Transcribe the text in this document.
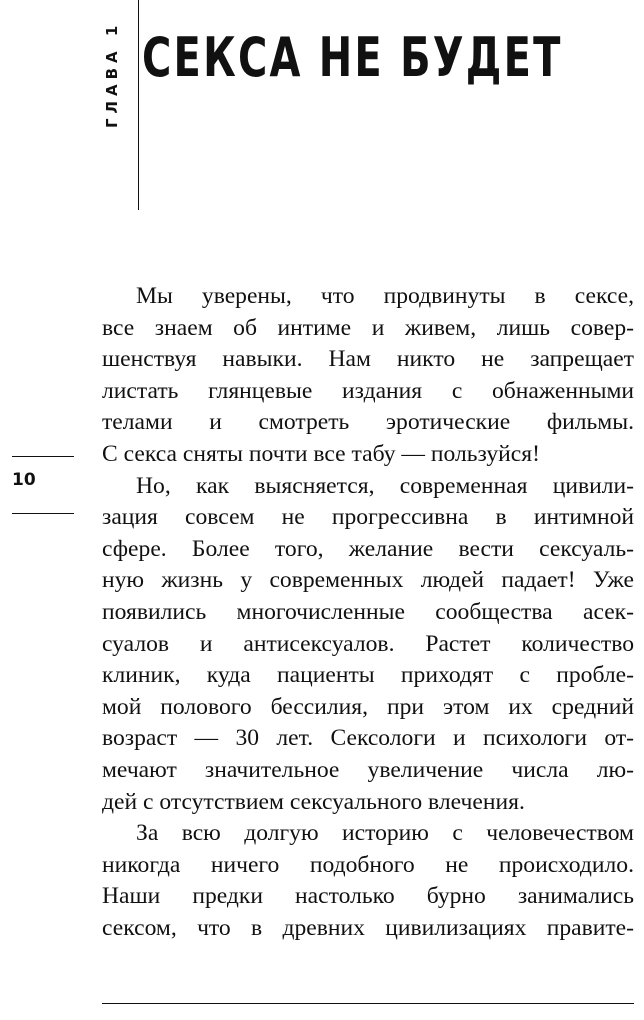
ГЛАВА 1 СЕКСА НЕ БУДЕТ
10
Мы уверены, что продвинуты в сексе,
все знаем об интиме и живем, лишь совер-
шенствуя навыки. Нам никто не запрещает
листать глянцевые издания с обнаженными
телами и смотреть эротические фильмы.
С секса сняты почти все табу — пользуйся!
Но, как выясняется, современная цивили-
зация совсем не прогрессивна в интимной
сфере. Более того, желание вести сексуаль-
ную жизнь у современных людей падает! Уже
появились многочисленные сообщества асек-
суалов и антисексуалов. Растет количество
клиник, куда пациенты приходят с пробле-
мой полового бессилия, при этом их средний
возраст — 30 лет. Сексологи и психологи от-
мечают значительное увеличение числа лю-
дей с отсутствием сексуального влечения.
За всю долгую историю с человечеством
никогда ничего подобного не происходило.
Наши предки настолько бурно занимались
сексом, что в древних цивилизациях правите-
